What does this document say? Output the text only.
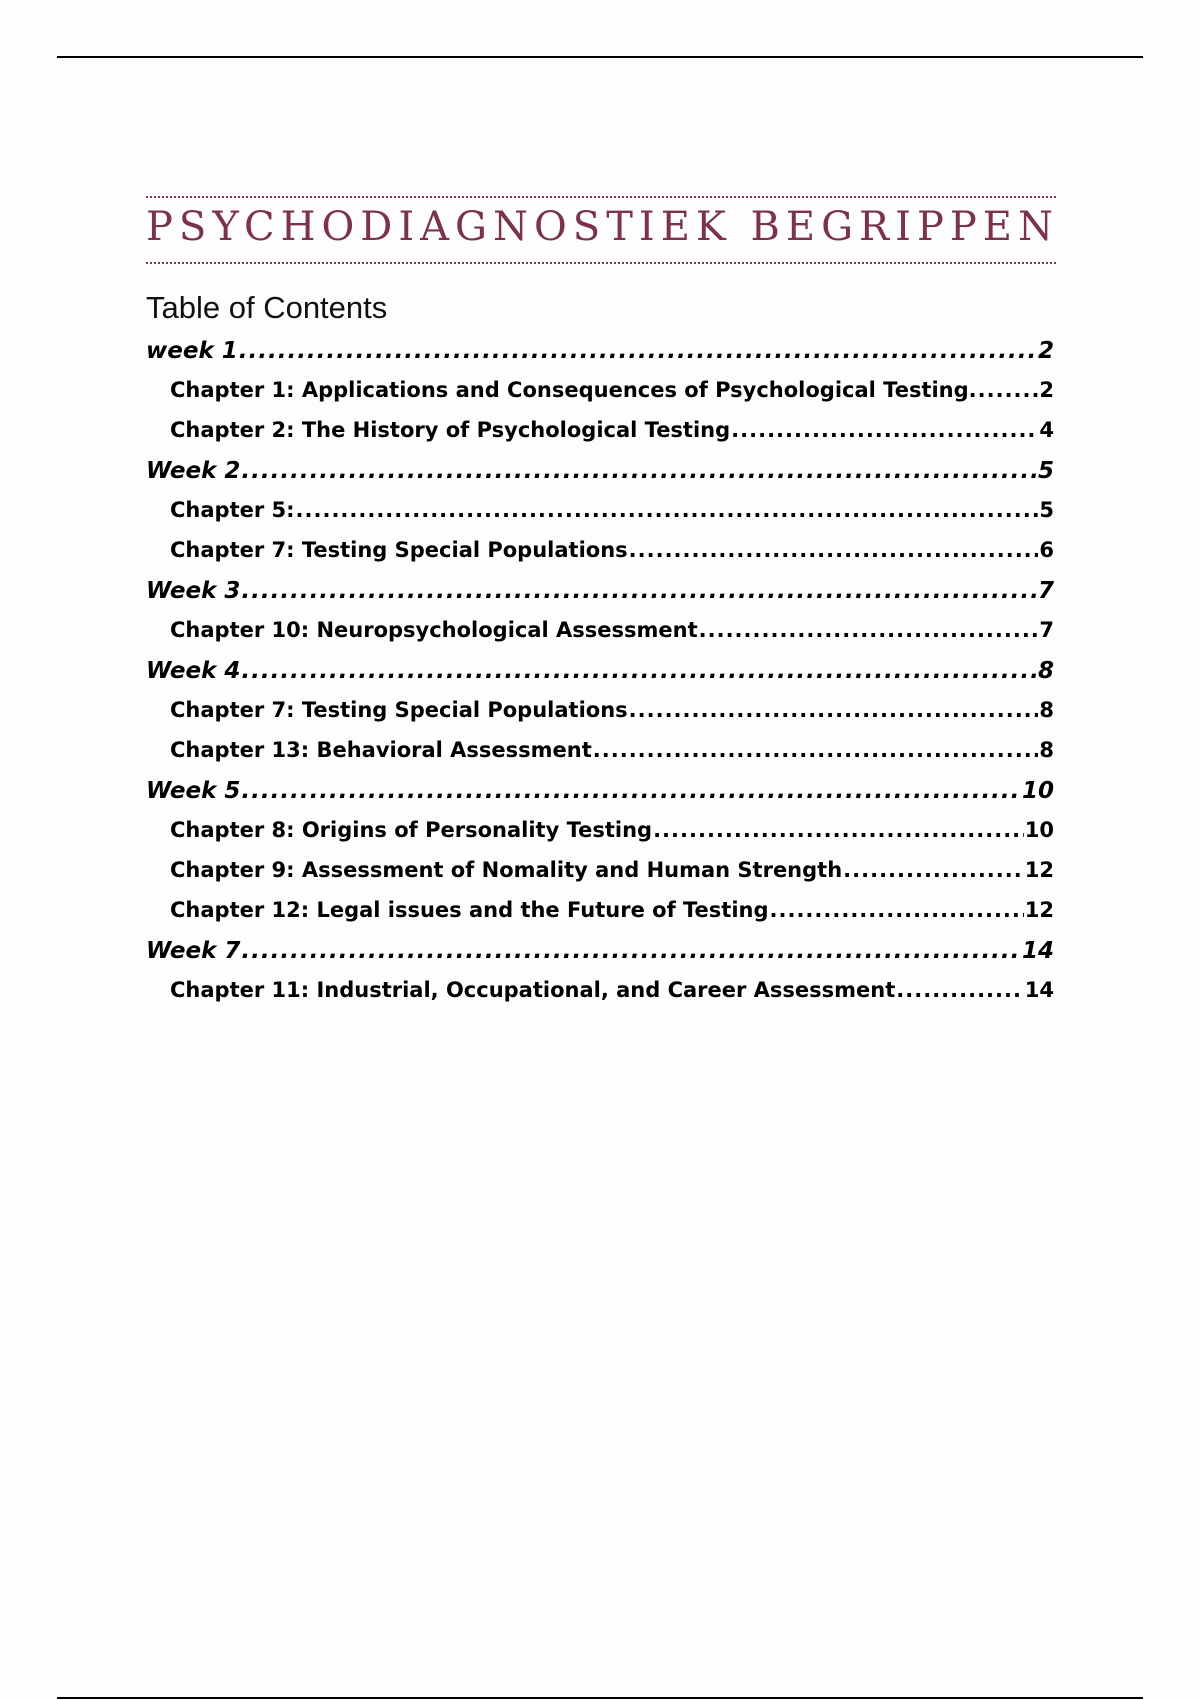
PSYCHODIAGNOSTIEK BEGRIPPEN
Table of Contents
week 1 .....	2
Chapter 1: Applications and Consequences of Psychological Testing. .....	2
Chapter 2: The History of Psychological Testing .....	4
Week 2 .....	5
Chapter 5: .....	5
Chapter 7: Testing Special Populations .....	6
Week 3 .....	7
Chapter 10: Neuropsychological Assessment .....	7
Week 4 .....	8
Chapter 7: Testing Special Populations .....	8
Chapter 13: Behavioral Assessment .....	8
Week 5 .....	10
Chapter 8: Origins of Personality Testing .....	10
Chapter 9: Assessment of Nomality and Human Strength .....	12
Chapter 12: Legal issues and the Future of Testing .....	12
Week 7 .....	14
Chapter 11: Industrial, Occupational, and Career Assessment .....	14
